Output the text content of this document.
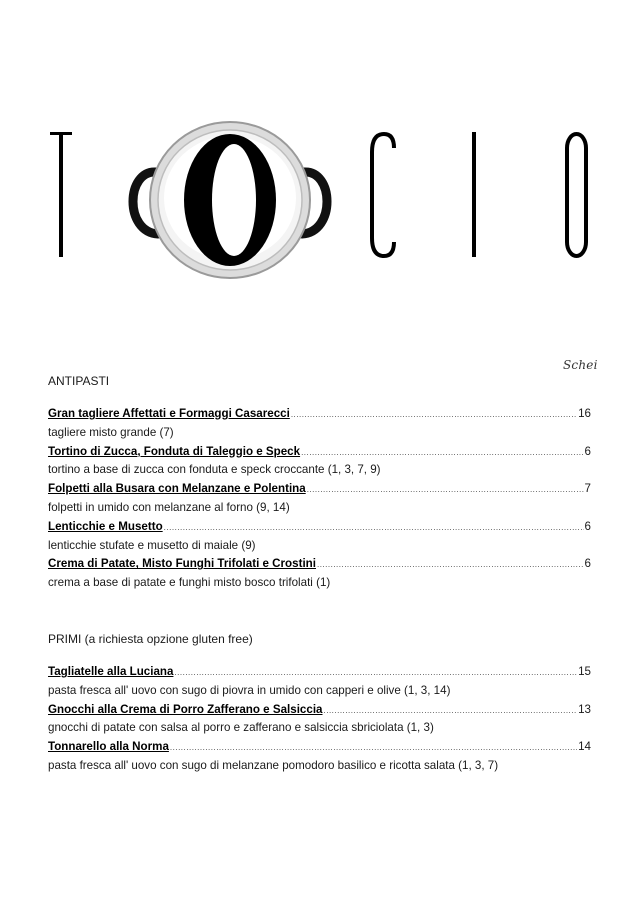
Schei
ANTIPASTI
Gran tagliere Affettati e Formaggi Casarecci .....	16
tagliere misto grande (7)
Tortino di Zucca, Fonduta di Taleggio e Speck .....	6
tortino a base di zucca con fonduta e speck croccante (1, 3, 7, 9)
Folpetti alla Busara con Melanzane e Polentina .....	7
folpetti in umido con melanzane al forno (9, 14)
Lenticchie e Musetto .....	6
lenticchie stufate e musetto di maiale (9)
Crema di Patate, Misto Funghi Trifolati e Crostini .....	6
crema a base di patate e funghi misto bosco trifolati (1)
PRIMI (a richiesta opzione gluten free)
Tagliatelle alla Luciana .....	15
pasta fresca all' uovo con sugo di piovra in umido con capperi e olive (1, 3, 14)
Gnocchi alla Crema di Porro Zafferano e Salsiccia .....	13
gnocchi di patate con salsa al porro e zafferano e salsiccia sbriciolata (1, 3)
Tonnarello alla Norma .....	14
pasta fresca all' uovo con sugo di melanzane pomodoro basilico e ricotta salata (1, 3, 7)
